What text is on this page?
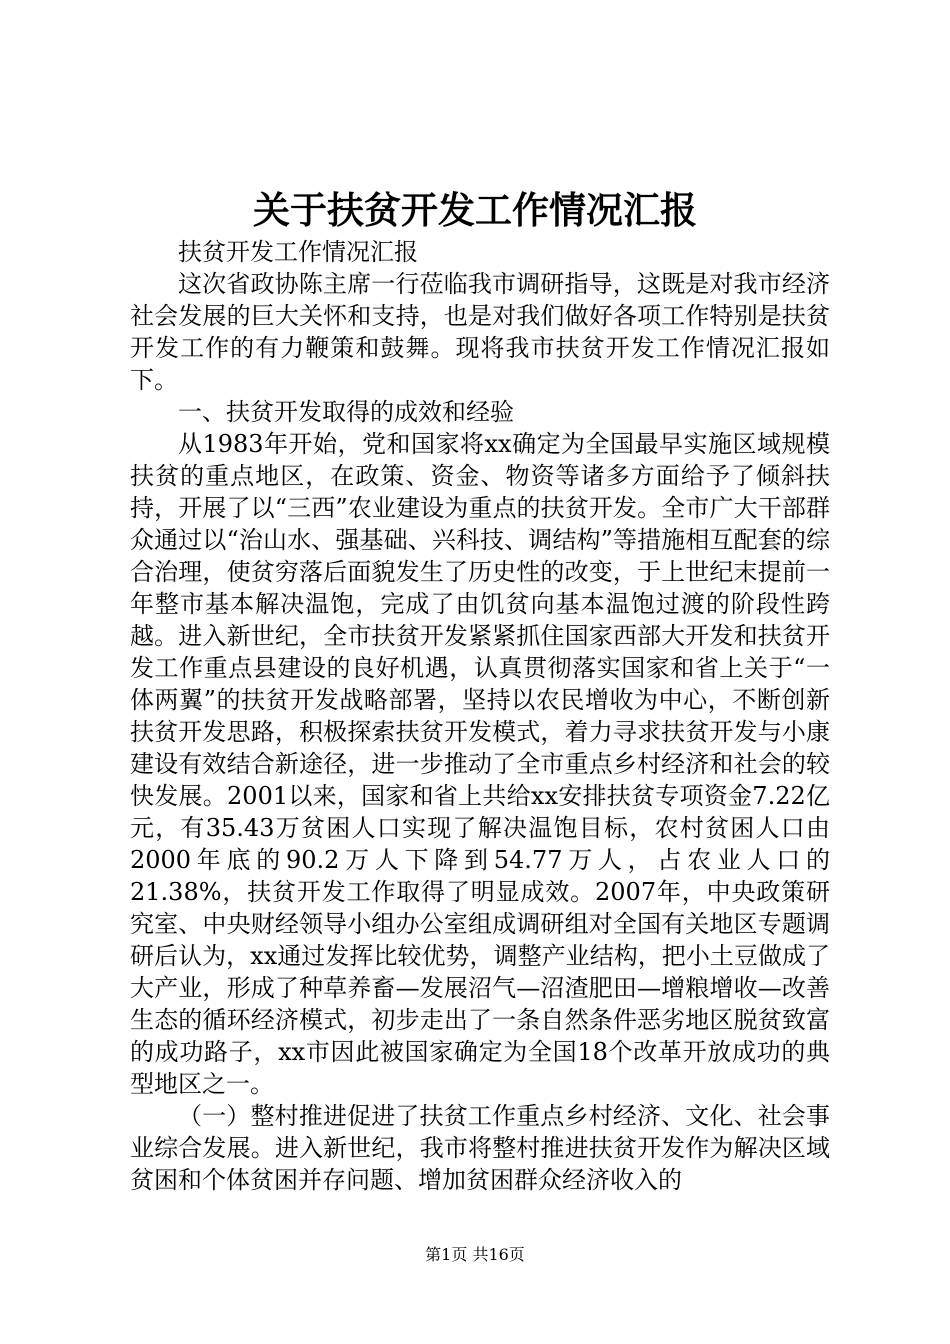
关于扶贫开发工作情况汇报

扶贫开发工作情况汇报

这次省政协陈主席一行莅临我市调研指导，这既是对我市经济社会发展的巨大关怀和支持，也是对我们做好各项工作特别是扶贫开发工作的有力鞭策和鼓舞。现将我市扶贫开发工作情况汇报如下。

一、扶贫开发取得的成效和经验

从1983年开始，党和国家将xx确定为全国最早实施区域规模扶贫的重点地区，在政策、资金、物资等诸多方面给予了倾斜扶持，开展了以“三西”农业建设为重点的扶贫开发。全市广大干部群众通过以“治山水、强基础、兴科技、调结构”等措施相互配套的综合治理，使贫穷落后面貌发生了历史性的改变，于上世纪末提前一年整市基本解决温饱，完成了由饥贫向基本温饱过渡的阶段性跨越。进入新世纪，全市扶贫开发紧紧抓住国家西部大开发和扶贫开发工作重点县建设的良好机遇，认真贯彻落实国家和省上关于“一体两翼”的扶贫开发战略部署，坚持以农民增收为中心，不断创新扶贫开发思路，积极探索扶贫开发模式，着力寻求扶贫开发与小康建设有效结合新途径，进一步推动了全市重点乡村经济和社会的较快发展。2001以来，国家和省上共给xx安排扶贫专项资金7.22亿元，有35.43万贫困人口实现了解决温饱目标，农村贫困人口由2000年底的90.2万人下降到54.77万人，占农业人口的21.38%，扶贫开发工作取得了明显成效。2007年，中央政策研究室、中央财经领导小组办公室组成调研组对全国有关地区专题调研后认为，xx通过发挥比较优势，调整产业结构，把小土豆做成了大产业，形成了种草养畜—发展沼气—沼渣肥田—增粮增收—改善生态的循环经济模式，初步走出了一条自然条件恶劣地区脱贫致富的成功路子，xx市因此被国家确定为全国18个改革开放成功的典型地区之一。

（一）整村推进促进了扶贫工作重点乡村经济、文化、社会事业综合发展。进入新世纪，我市将整村推进扶贫开发作为解决区域贫困和个体贫困并存问题、增加贫困群众经济收入的

第1页 共16页
